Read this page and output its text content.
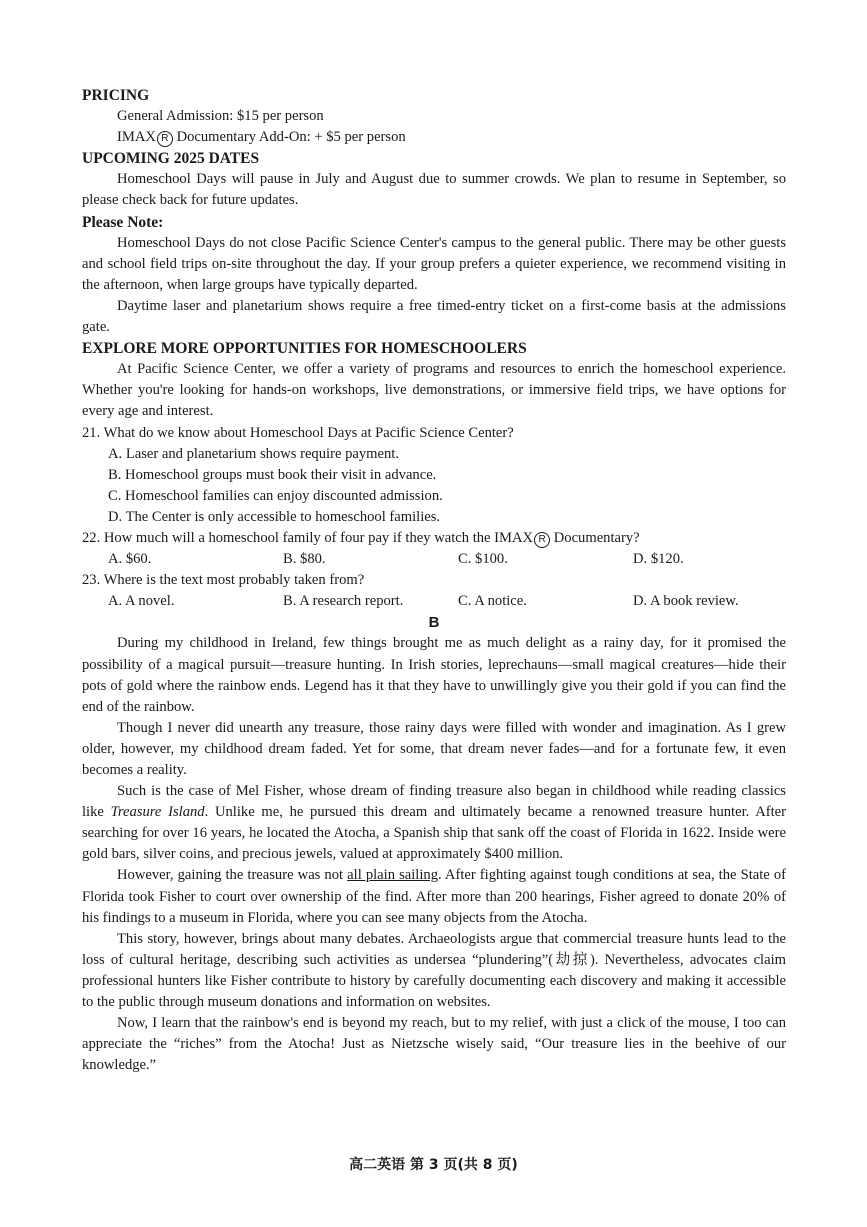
PRICING
General Admission: $15 per person
IMAX R Documentary Add-On: + $5 per person
UPCOMING 2025 DATES

Homeschool Days will pause in July and August due to summer crowds. We plan to resume in September, so please check back for future updates.

Please Note:

Homeschool Days do not close Pacific Science Center's campus to the general public. There may be other guests and school field trips on-site throughout the day. If your group prefers a quieter experience, we recommend visiting in the afternoon, when large groups have typically departed.

Daytime laser and planetarium shows require a free timed-entry ticket on a first-come basis at the admissions gate.

EXPLORE MORE OPPORTUNITIES FOR HOMESCHOOLERS

At Pacific Science Center, we offer a variety of programs and resources to enrich the homeschool experience. Whether you're looking for hands-on workshops, live demonstrations, or immersive field trips, we have options for every age and interest.

21. What do we know about Homeschool Days at Pacific Science Center?
A. Laser and planetarium shows require payment.
B. Homeschool groups must book their visit in advance.
C. Homeschool families can enjoy discounted admission.
D. The Center is only accessible to homeschool families.
22. How much will a homeschool family of four pay if they watch the IMAX R Documentary?
A. $60.	B. $80.	C. $100.	D. $120.
23. Where is the text most probably taken from?
A. A novel.	B. A research report.	C. A notice.	D. A book review.
B

During my childhood in Ireland, few things brought me as much delight as a rainy day, for it promised the possibility of a magical pursuit—treasure hunting. In Irish stories, leprechauns—small magical creatures—hide their pots of gold where the rainbow ends. Legend has it that they have to unwillingly give you their gold if you can find the end of the rainbow.

Though I never did unearth any treasure, those rainy days were filled with wonder and imagination. As I grew older, however, my childhood dream faded. Yet for some, that dream never fades—and for a fortunate few, it even becomes a reality.

Such is the case of Mel Fisher, whose dream of finding treasure also began in childhood while reading classics like Treasure Island. Unlike me, he pursued this dream and ultimately became a renowned treasure hunter. After searching for over 16 years, he located the Atocha, a Spanish ship that sank off the coast of Florida in 1622. Inside were gold bars, silver coins, and precious jewels, valued at approximately $400 million.

However, gaining the treasure was not all plain sailing. After fighting against tough conditions at sea, the State of Florida took Fisher to court over ownership of the find. After more than 200 hearings, Fisher agreed to donate 20% of his findings to a museum in Florida, where you can see many objects from the Atocha.

This story, however, brings about many debates. Archaeologists argue that commercial treasure hunts lead to the loss of cultural heritage, describing such activities as undersea “plundering”(劫掠). Nevertheless, advocates claim professional hunters like Fisher contribute to history by carefully documenting each discovery and making it accessible to the public through museum donations and information on websites.

Now, I learn that the rainbow's end is beyond my reach, but to my relief, with just a click of the mouse, I too can appreciate the “riches” from the Atocha! Just as Nietzsche wisely said, “Our treasure lies in the beehive of our knowledge.”

高二英语 第 3 页(共 8 页)
